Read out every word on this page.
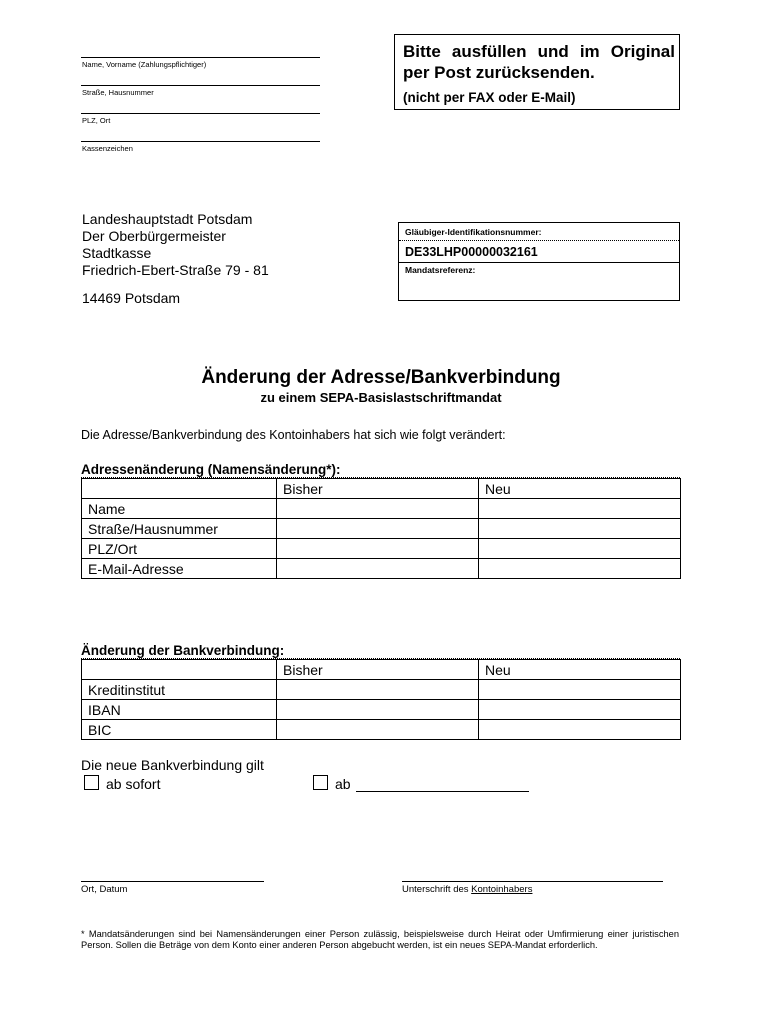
Name, Vorname (Zahlungspflichtiger)
Straße, Hausnummer
PLZ, Ort
Kassenzeichen
Bitte ausfüllen und im Original
per Post zurücksenden.
(nicht per FAX oder E-Mail)
Landeshauptstadt Potsdam
Der Oberbürgermeister
Stadtkasse
Friedrich-Ebert-Straße 79 - 81
14469 Potsdam
Gläubiger-Identifikationsnummer:
DE33LHP00000032161
Mandatsreferenz:
Änderung der Adresse/Bankverbindung
zu einem SEPA-Basislastschriftmandat
Die Adresse/Bankverbindung des Kontoinhabers hat sich wie folgt verändert:
Adressenänderung (Namensänderung*):
	Bisher	Neu
Name		
Straße/Hausnummer		
PLZ/Ort		
E-Mail-Adresse		
Änderung der Bankverbindung:
	Bisher	Neu
Kreditinstitut		
IBAN		
BIC		
Die neue Bankverbindung gilt
ab sofort	ab
Ort, Datum	Unterschrift des Kontoinhabers
* Mandatsänderungen sind bei Namensänderungen einer Person zulässig, beispielsweise durch Heirat oder Umfirmierung einer juristischen Person. Sollen die Beträge von dem Konto einer anderen Person abgebucht werden, ist ein neues SEPA-Mandat erforderlich.
